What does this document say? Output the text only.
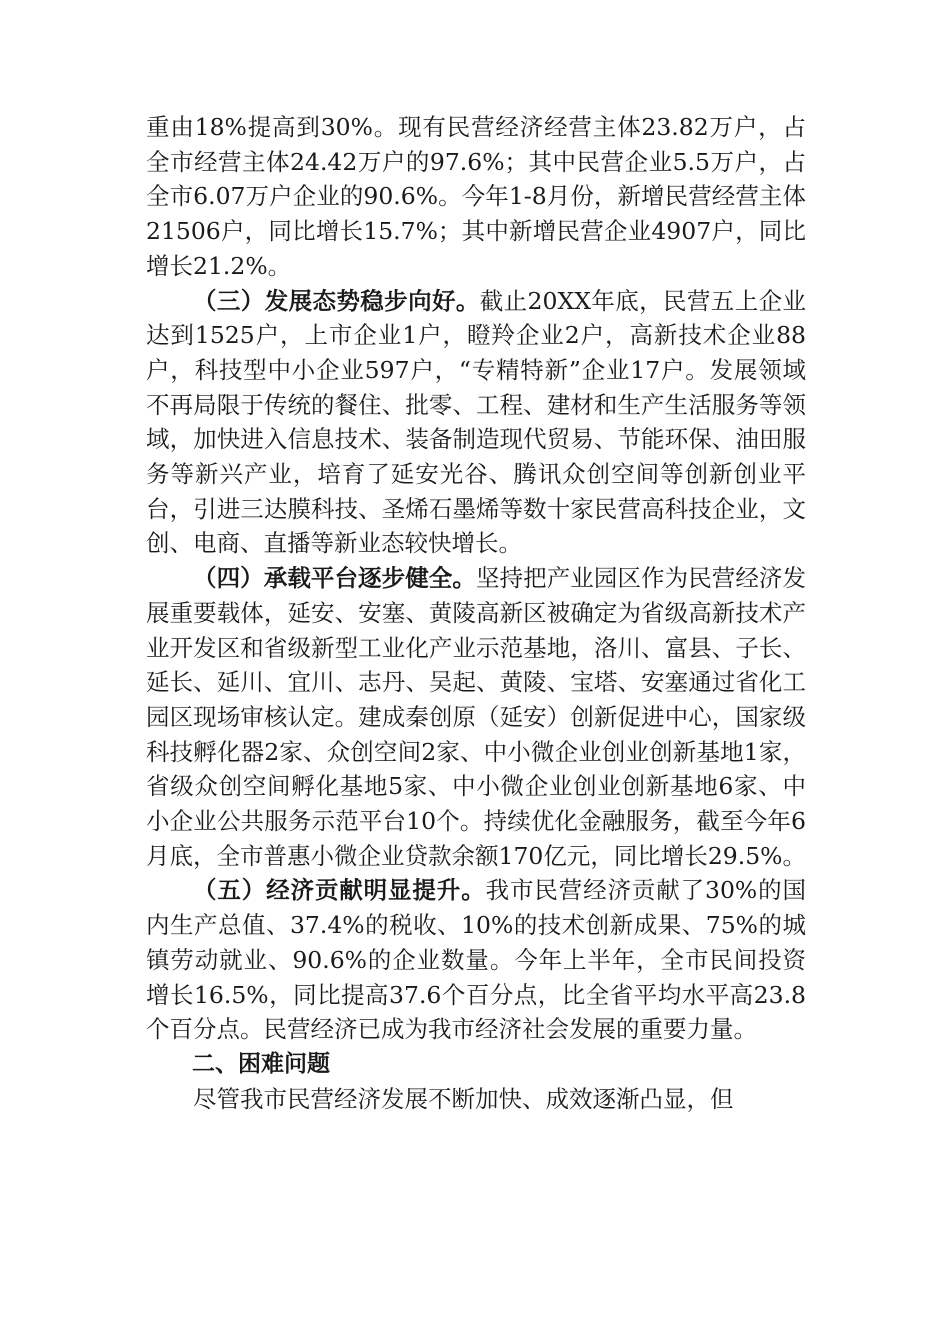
重由18%提高到30%。现有民营经济经营主体23.82万户，占全市经营主体24.42万户的97.6%；其中民营企业5.5万户，占全市6.07万户企业的90.6%。今年1-8月份，新增民营经营主体21506户，同比增长15.7%；其中新增民营企业4907户，同比增长21.2%。

（三）发展态势稳步向好。截止20XX年底，民营五上企业达到1525户，上市企业1户，瞪羚企业2户，高新技术企业88户，科技型中小企业597户，“专精特新”企业17户。发展领域不再局限于传统的餐住、批零、工程、建材和生产生活服务等领域，加快进入信息技术、装备制造现代贸易、节能环保、油田服务等新兴产业，培育了延安光谷、腾讯众创空间等创新创业平台，引进三达膜科技、圣烯石墨烯等数十家民营高科技企业，文创、电商、直播等新业态较快增长。

（四）承载平台逐步健全。坚持把产业园区作为民营经济发展重要载体，延安、安塞、黄陵高新区被确定为省级高新技术产业开发区和省级新型工业化产业示范基地，洛川、富县、子长、延长、延川、宜川、志丹、吴起、黄陵、宝塔、安塞通过省化工园区现场审核认定。建成秦创原（延安）创新促进中心，国家级科技孵化器2家、众创空间2家、中小微企业创业创新基地1家，省级众创空间孵化基地5家、中小微企业创业创新基地6家、中小企业公共服务示范平台10个。持续优化金融服务，截至今年6月底，全市普惠小微企业贷款余额170亿元，同比增长29.5%。

（五）经济贡献明显提升。我市民营经济贡献了30%的国内生产总值、37.4%的税收、10%的技术创新成果、75%的城镇劳动就业、90.6%的企业数量。今年上半年，全市民间投资增长16.5%，同比提高37.6个百分点，比全省平均水平高23.8个百分点。民营经济已成为我市经济社会发展的重要力量。

二、困难问题

尽管我市民营经济发展不断加快、成效逐渐凸显，但
